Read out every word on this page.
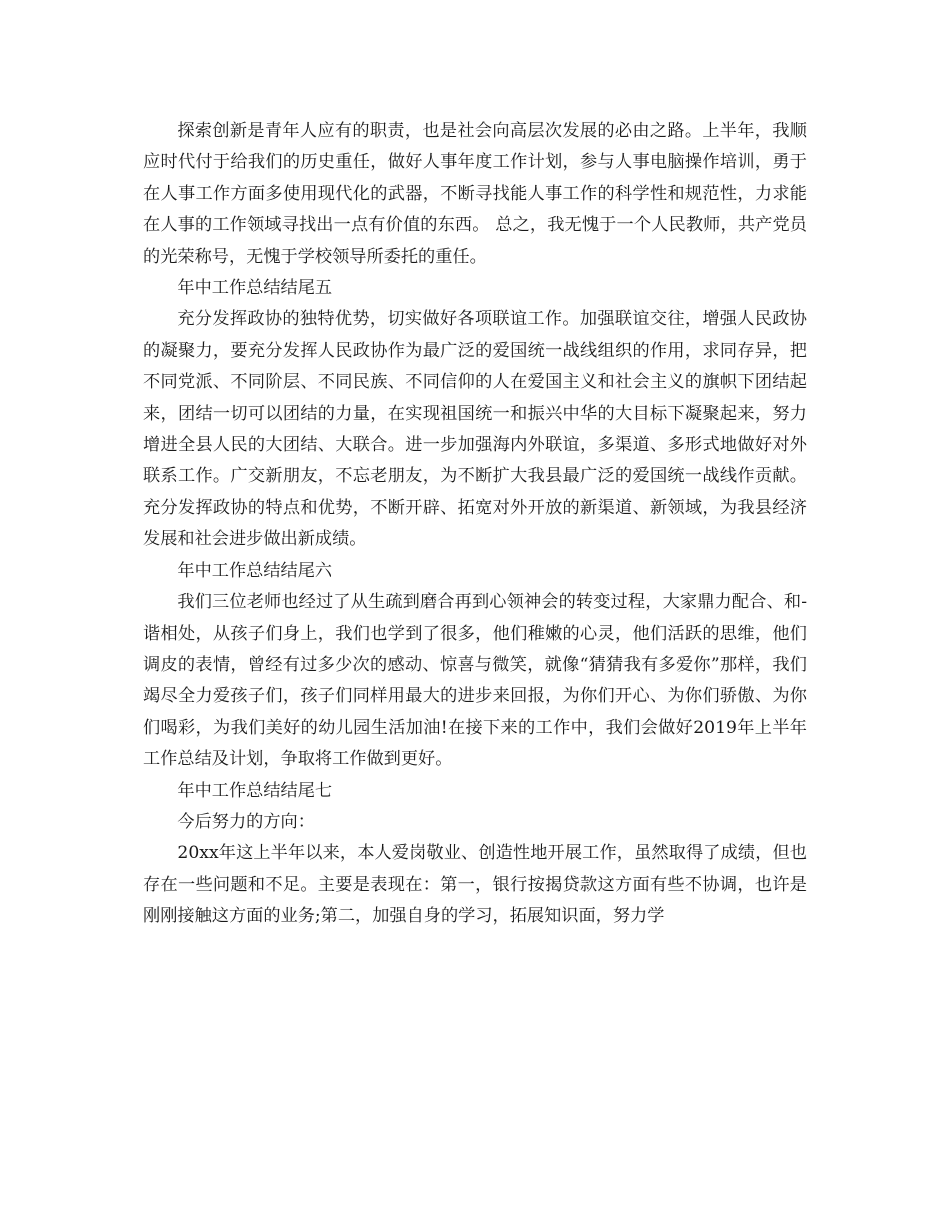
探索创新是青年人应有的职责，也是社会向高层次发展的必由之路。上半年，我顺应时代付于给我们的历史重任，做好人事年度工作计划，参与人事电脑操作培训，勇于在人事工作方面多使用现代化的武器，不断寻找能人事工作的科学性和规范性，力求能在人事的工作领域寻找出一点有价值的东西。 总之，我无愧于一个人民教师，共产党员的光荣称号，无愧于学校领导所委托的重任。

年中工作总结结尾五

充分发挥政协的独特优势，切实做好各项联谊工作。加强联谊交往，增强人民政协的凝聚力，要充分发挥人民政协作为最广泛的爱国统一战线组织的作用，求同存异，把不同党派、不同阶层、不同民族、不同信仰的人在爱国主义和社会主义的旗帜下团结起来，团结一切可以团结的力量，在实现祖国统一和振兴中华的大目标下凝聚起来，努力增进全县人民的大团结、大联合。进一步加强海内外联谊，多渠道、多形式地做好对外联系工作。广交新朋友，不忘老朋友，为不断扩大我县最广泛的爱国统一战线作贡献。充分发挥政协的特点和优势，不断开辟、拓宽对外开放的新渠道、新领域，为我县经济发展和社会进步做出新成绩。

年中工作总结结尾六

我们三位老师也经过了从生疏到磨合再到心领神会的转变过程，大家鼎力配合、和-谐相处，从孩子们身上，我们也学到了很多，他们稚嫩的心灵，他们活跃的思维，他们调皮的表情，曾经有过多少次的感动、惊喜与微笑，就像“猜猜我有多爱你”那样，我们竭尽全力爱孩子们，孩子们同样用最大的进步来回报，为你们开心、为你们骄傲、为你们喝彩，为我们美好的幼儿园生活加油!在接下来的工作中，我们会做好2019年上半年工作总结及计划，争取将工作做到更好。

年中工作总结结尾七

今后努力的方向：

20xx年这上半年以来，本人爱岗敬业、创造性地开展工作，虽然取得了成绩，但也存在一些问题和不足。主要是表现在：第一，银行按揭贷款这方面有些不协调，也许是刚刚接触这方面的业务;第二，加强自身的学习，拓展知识面，努力学
